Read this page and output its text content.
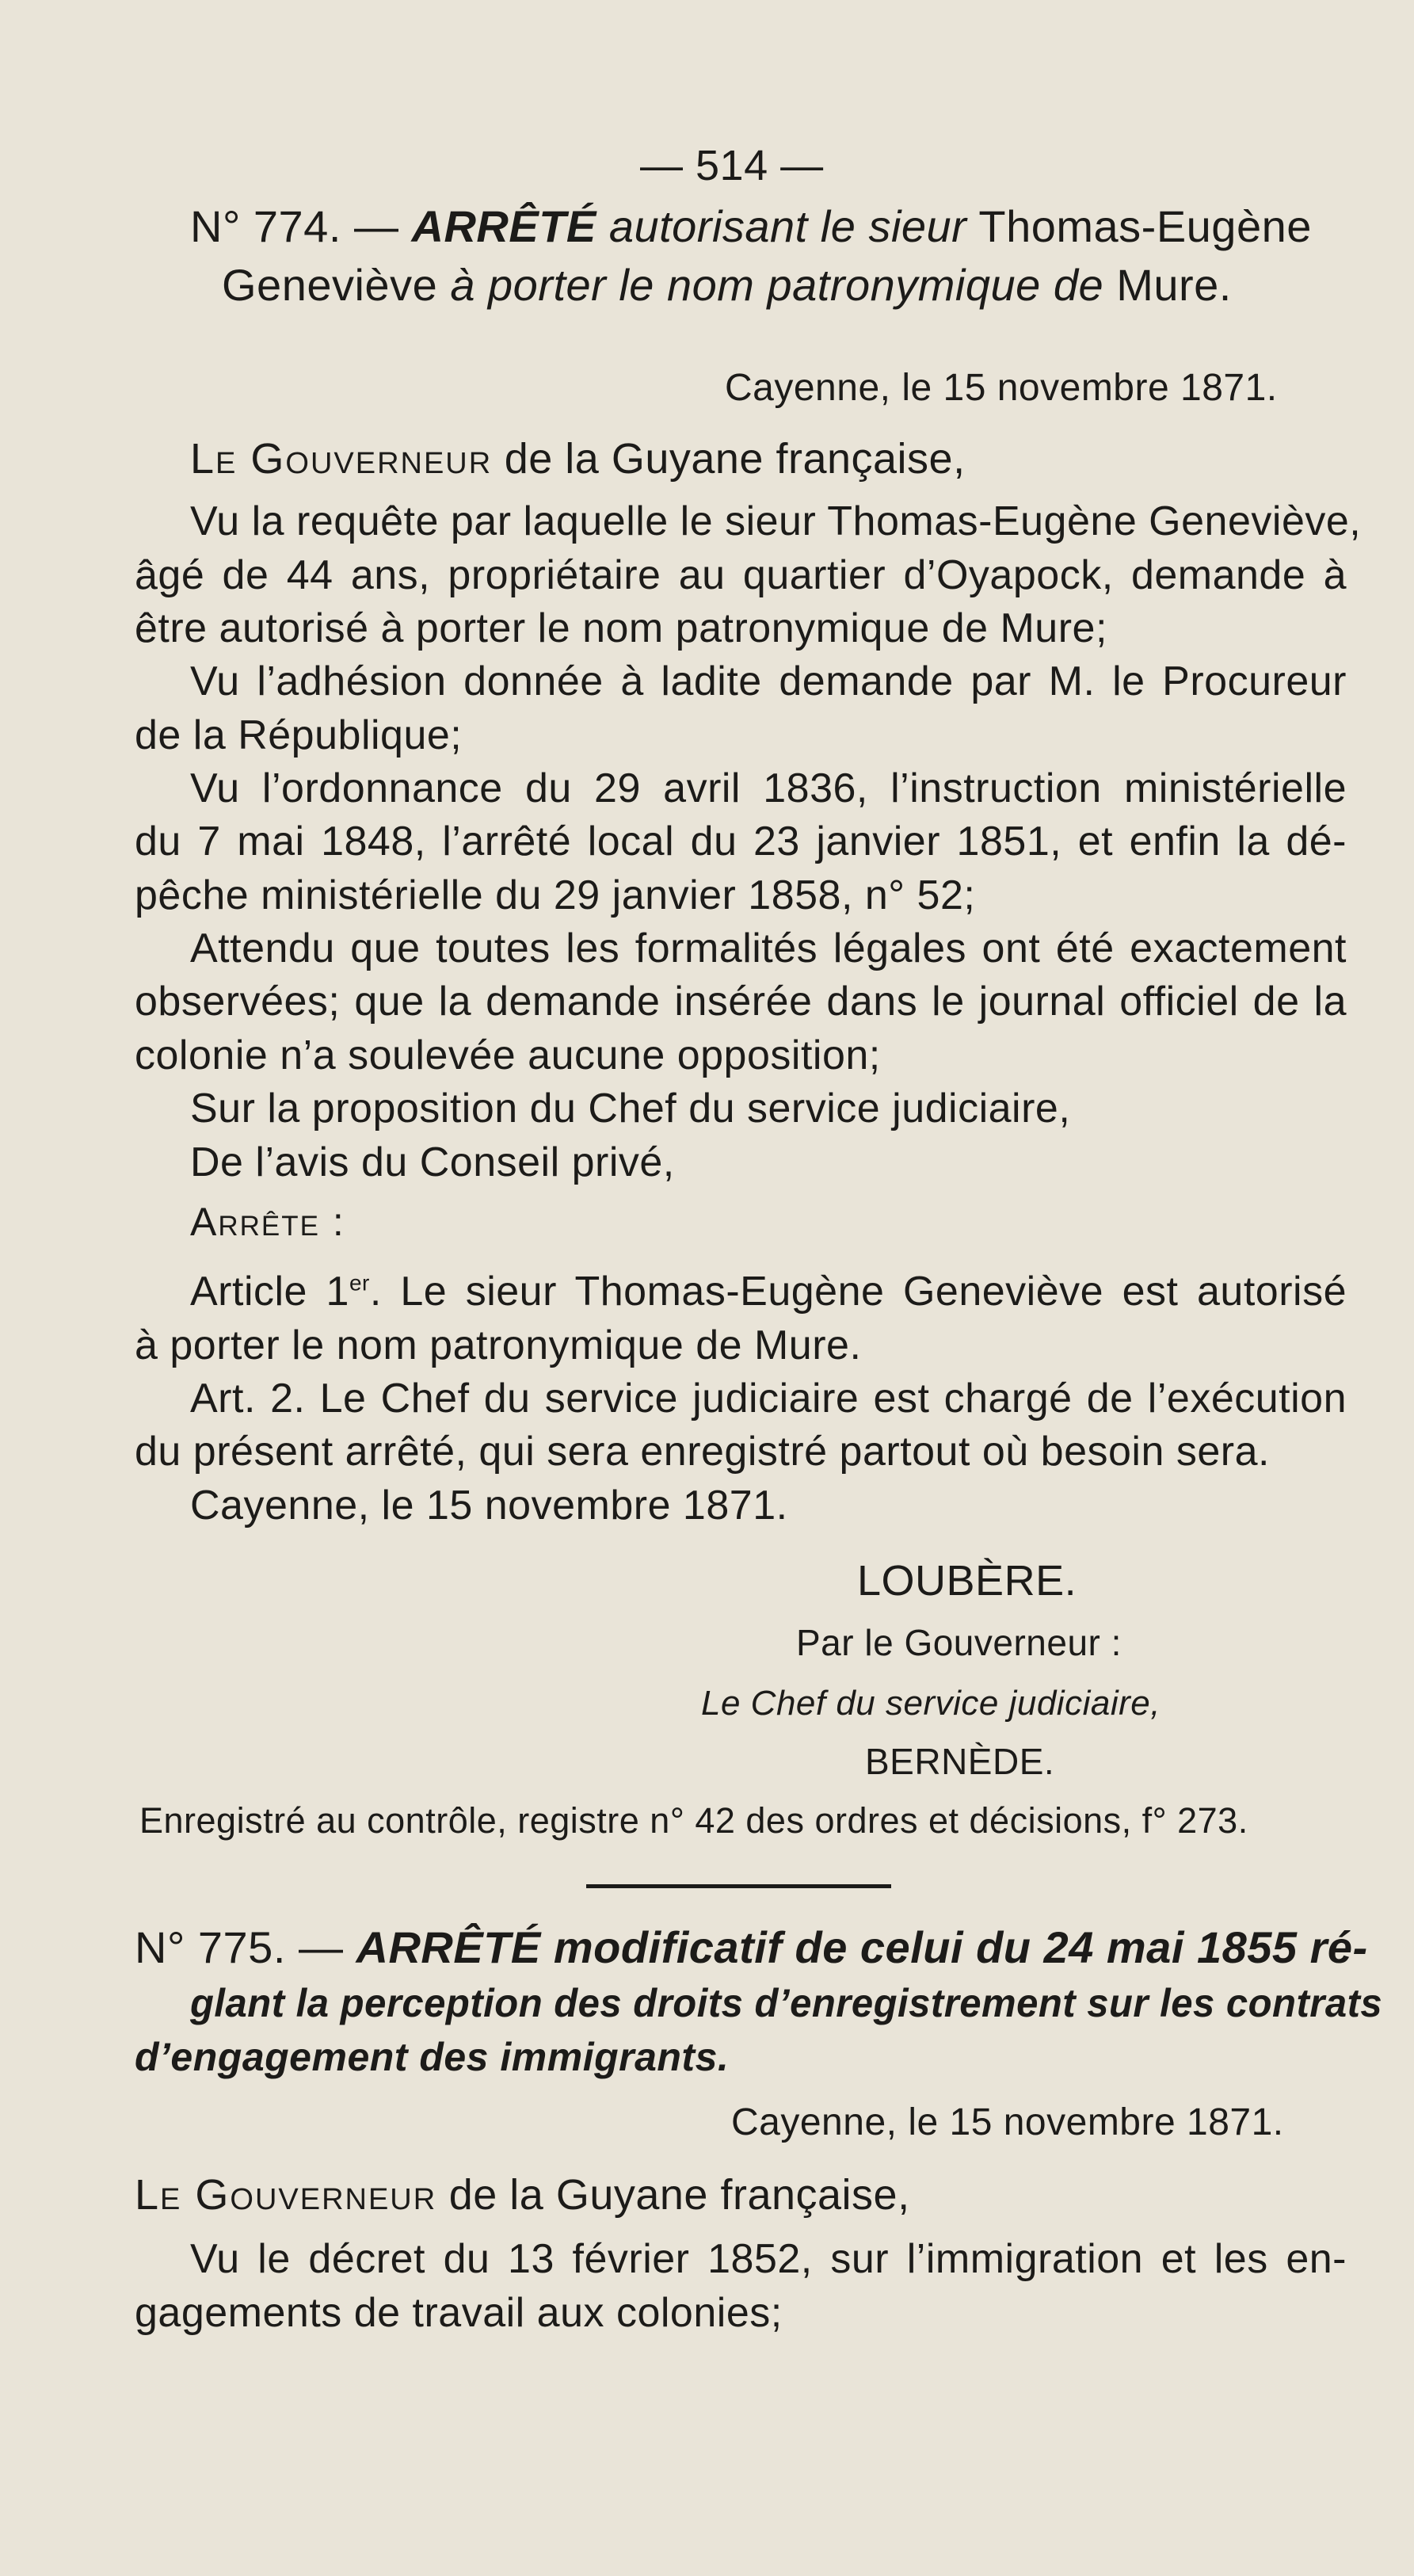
— 514 —
N° 774. — ARRÊTÉ autorisant le sieur Thomas-Eugène
Geneviève à porter le nom patronymique de Mure.
Cayenne, le 15 novembre 1871.
Le Gouverneur de la Guyane française,
Vu la requête par laquelle le sieur Thomas-Eugène Geneviève,
âgé de 44 ans, propriétaire au quartier d’Oyapock, demande à
être autorisé à porter le nom patronymique de Mure;
Vu l’adhésion donnée à ladite demande par M. le Procureur
de la République;
Vu l’ordonnance du 29 avril 1836, l’instruction ministérielle
du 7 mai 1848, l’arrêté local du 23 janvier 1851, et enfin la dé-
pêche ministérielle du 29 janvier 1858, n° 52;
Attendu que toutes les formalités légales ont été exactement
observées; que la demande insérée dans le journal officiel de la
colonie n’a soulevée aucune opposition;
Sur la proposition du Chef du service judiciaire,
De l’avis du Conseil privé,
Arrête :
Article 1er. Le sieur Thomas-Eugène Geneviève est autorisé
à porter le nom patronymique de Mure.
Art. 2. Le Chef du service judiciaire est chargé de l’exécution
du présent arrêté, qui sera enregistré partout où besoin sera.
Cayenne, le 15 novembre 1871.
LOUBÈRE.
Par le Gouverneur :
Le Chef du service judiciaire,
BERNÈDE.
Enregistré au contrôle, registre n° 42 des ordres et décisions, f° 273.
N° 775. — ARRÊTÉ modificatif de celui du 24 mai 1855 ré-
glant la perception des droits d’enregistrement sur les contrats
d’engagement des immigrants.
Cayenne, le 15 novembre 1871.
Le Gouverneur de la Guyane française,
Vu le décret du 13 février 1852, sur l’immigration et les en-
gagements de travail aux colonies;
